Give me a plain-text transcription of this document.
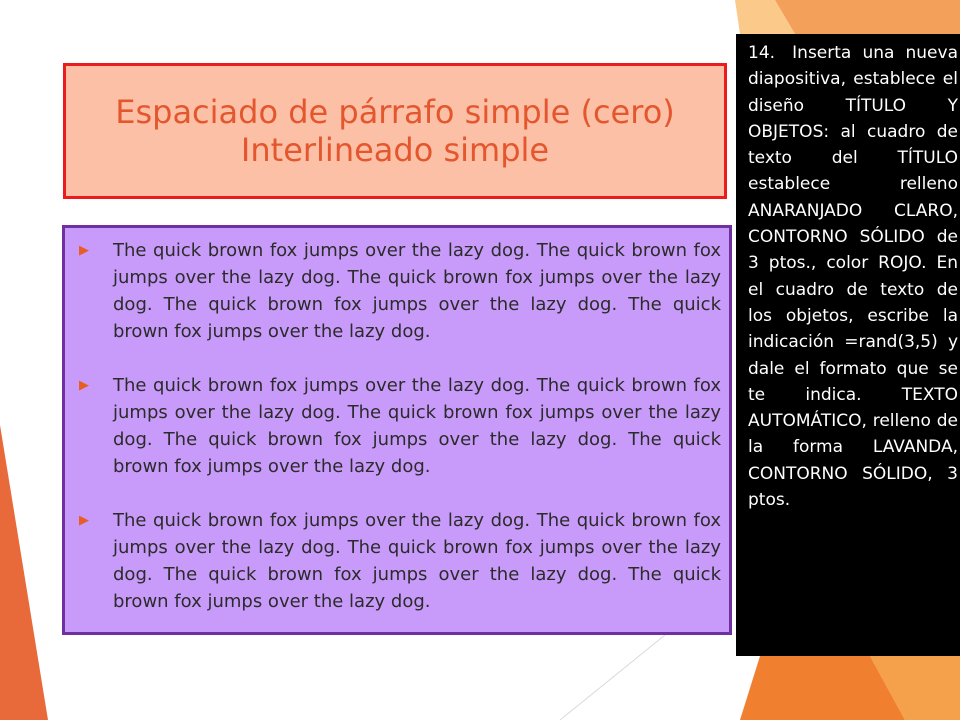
Espaciado de párrafo simple (cero)
Interlineado simple
▶	The quick brown fox jumps over the lazy dog. The quick brown fox jumps over the lazy dog. The quick brown fox jumps over the lazy dog. The quick brown fox jumps over the lazy dog. The quick brown fox jumps over the lazy dog.
▶	The quick brown fox jumps over the lazy dog. The quick brown fox jumps over the lazy dog. The quick brown fox jumps over the lazy dog. The quick brown fox jumps over the lazy dog. The quick brown fox jumps over the lazy dog.
▶	The quick brown fox jumps over the lazy dog. The quick brown fox jumps over the lazy dog. The quick brown fox jumps over the lazy dog. The quick brown fox jumps over the lazy dog. The quick brown fox jumps over the lazy dog.
14. Inserta una nueva diapositiva, establece el diseño TÍTULO Y OBJETOS: al cuadro de texto del TÍTULO establece relleno ANARANJADO CLARO, CONTORNO SÓLIDO de 3 ptos., color ROJO. En el cuadro de texto de los objetos, escribe la indicación =rand(3,5) y dale el formato que se te indica. TEXTO AUTOMÁTICO, relleno de la forma LAVANDA, CONTORNO SÓLIDO, 3 ptos.
